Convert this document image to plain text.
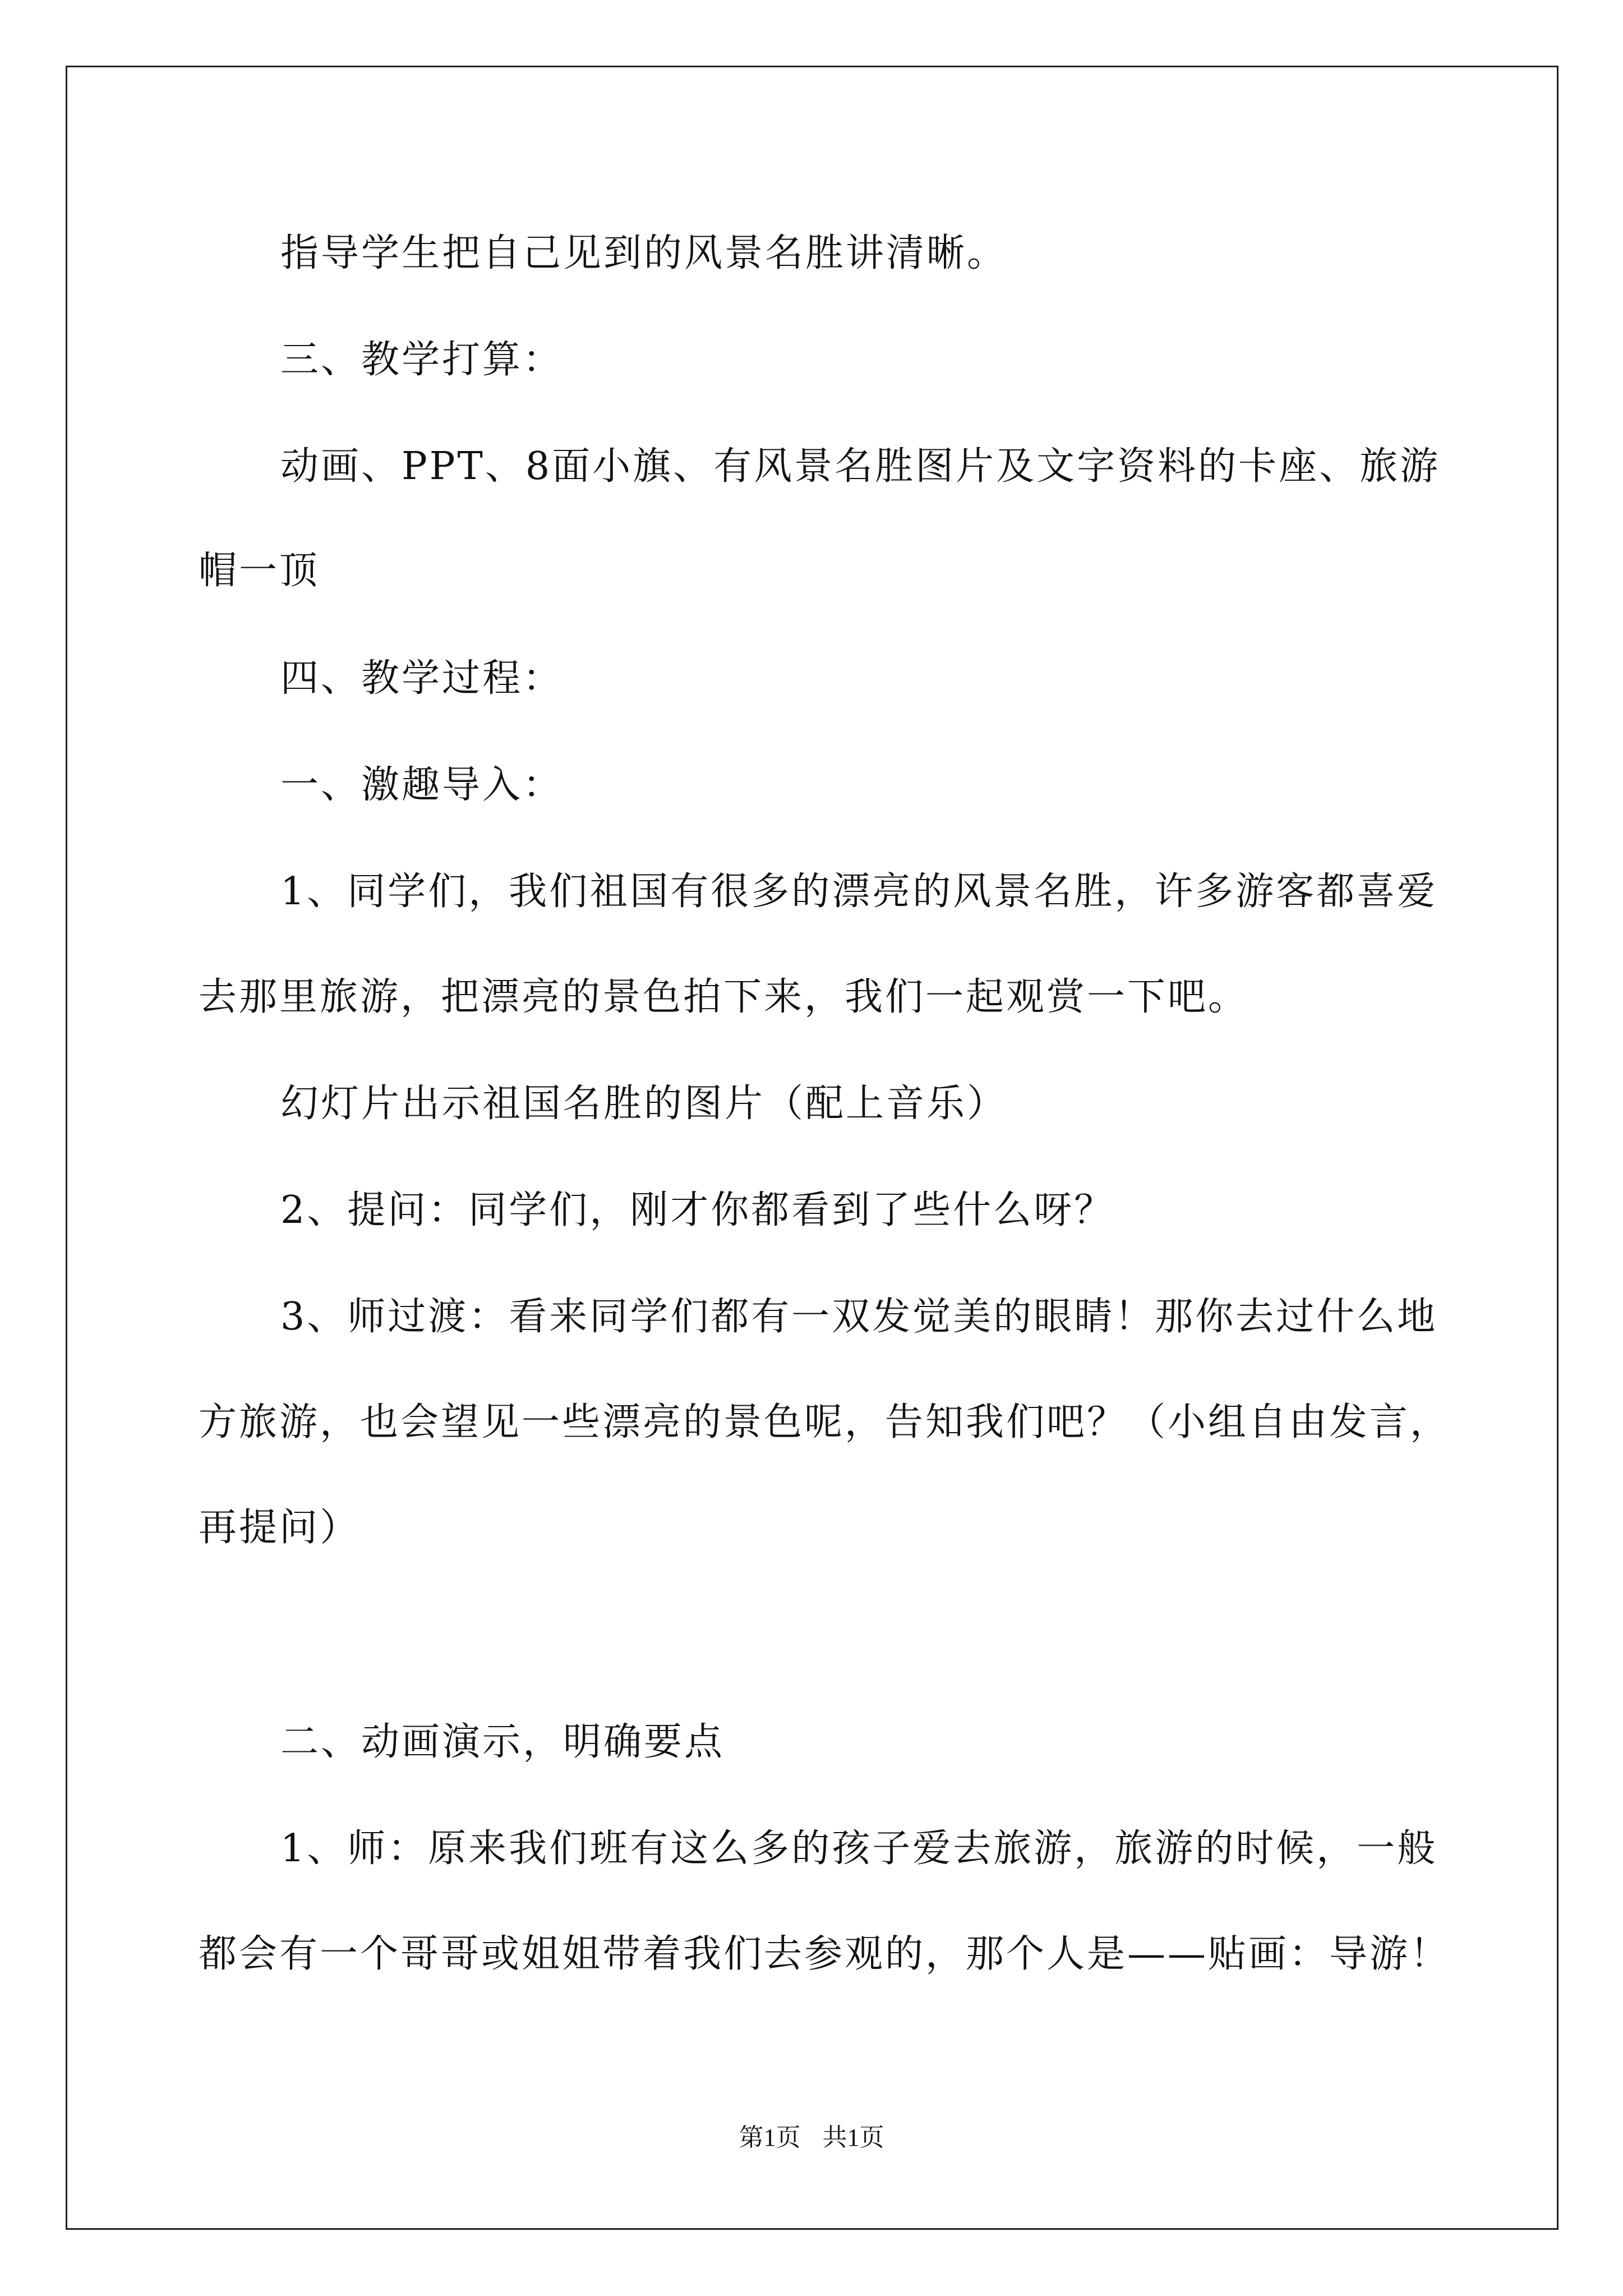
指导学生把自己见到的风景名胜讲清晰。
三、教学打算：
动画、PPT、8面小旗、有风景名胜图片及文字资料的卡座、旅游
帽一顶
四、教学过程：
一、激趣导入：
1、同学们，我们祖国有很多的漂亮的风景名胜，许多游客都喜爱
去那里旅游，把漂亮的景色拍下来，我们一起观赏一下吧。
幻灯片出示祖国名胜的图片（配上音乐）
2、提问：同学们，刚才你都看到了些什么呀？
3、师过渡：看来同学们都有一双发觉美的眼睛！那你去过什么地
方旅游，也会望见一些漂亮的景色呢，告知我们吧？（小组自由发言，
再提问）
二、动画演示，明确要点
1、师：原来我们班有这么多的孩子爱去旅游，旅游的时候，一般
都会有一个哥哥或姐姐带着我们去参观的，那个人是——贴画：导游！
第1页 共1页
